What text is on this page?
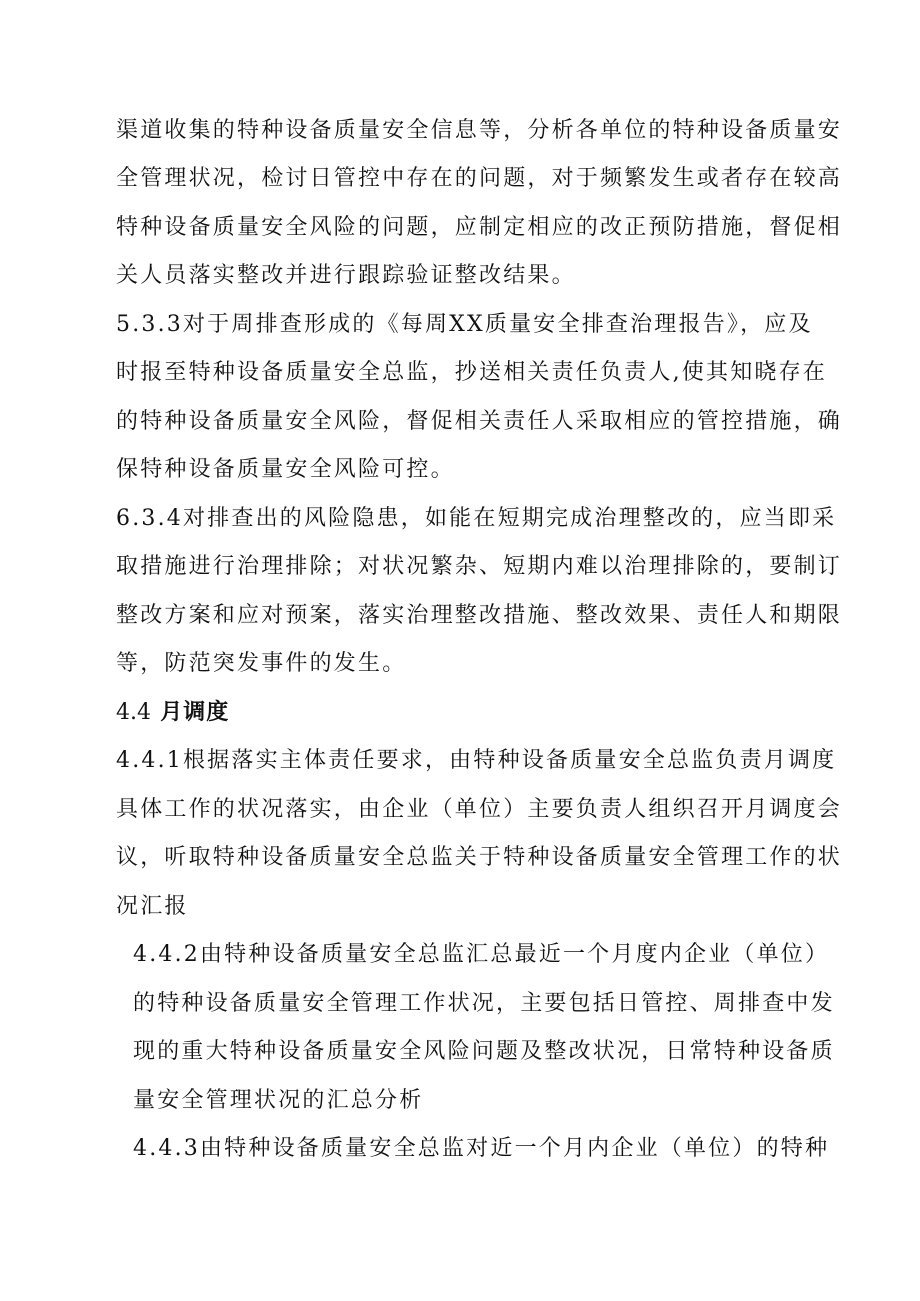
渠道收集的特种设备质量安全信息等，分析各单位的特种设备质量安
全管理状况，检讨日管控中存在的问题，对于频繁发生或者存在较高
特种设备质量安全风险的问题，应制定相应的改正预防措施，督促相
关人员落实整改并进行跟踪验证整改结果。
5.3.3对于周排查形成的《每周XX质量安全排查治理报告》，应及
时报至特种设备质量安全总监，抄送相关责任负责人,使其知晓存在
的特种设备质量安全风险，督促相关责任人采取相应的管控措施，确
保特种设备质量安全风险可控。
6.3.4对排查出的风险隐患，如能在短期完成治理整改的，应当即采
取措施进行治理排除；对状况繁杂、短期内难以治理排除的，要制订
整改方案和应对预案，落实治理整改措施、整改效果、责任人和期限
等，防范突发事件的发生。
4.4 月调度
4.4.1根据落实主体责任要求，由特种设备质量安全总监负责月调度
具体工作的状况落实，由企业（单位）主要负责人组织召开月调度会
议，听取特种设备质量安全总监关于特种设备质量安全管理工作的状
况汇报
4.4.2由特种设备质量安全总监汇总最近一个月度内企业（单位）
的特种设备质量安全管理工作状况，主要包括日管控、周排查中发
现的重大特种设备质量安全风险问题及整改状况，日常特种设备质
量安全管理状况的汇总分析
4.4.3由特种设备质量安全总监对近一个月内企业（单位）的特种
